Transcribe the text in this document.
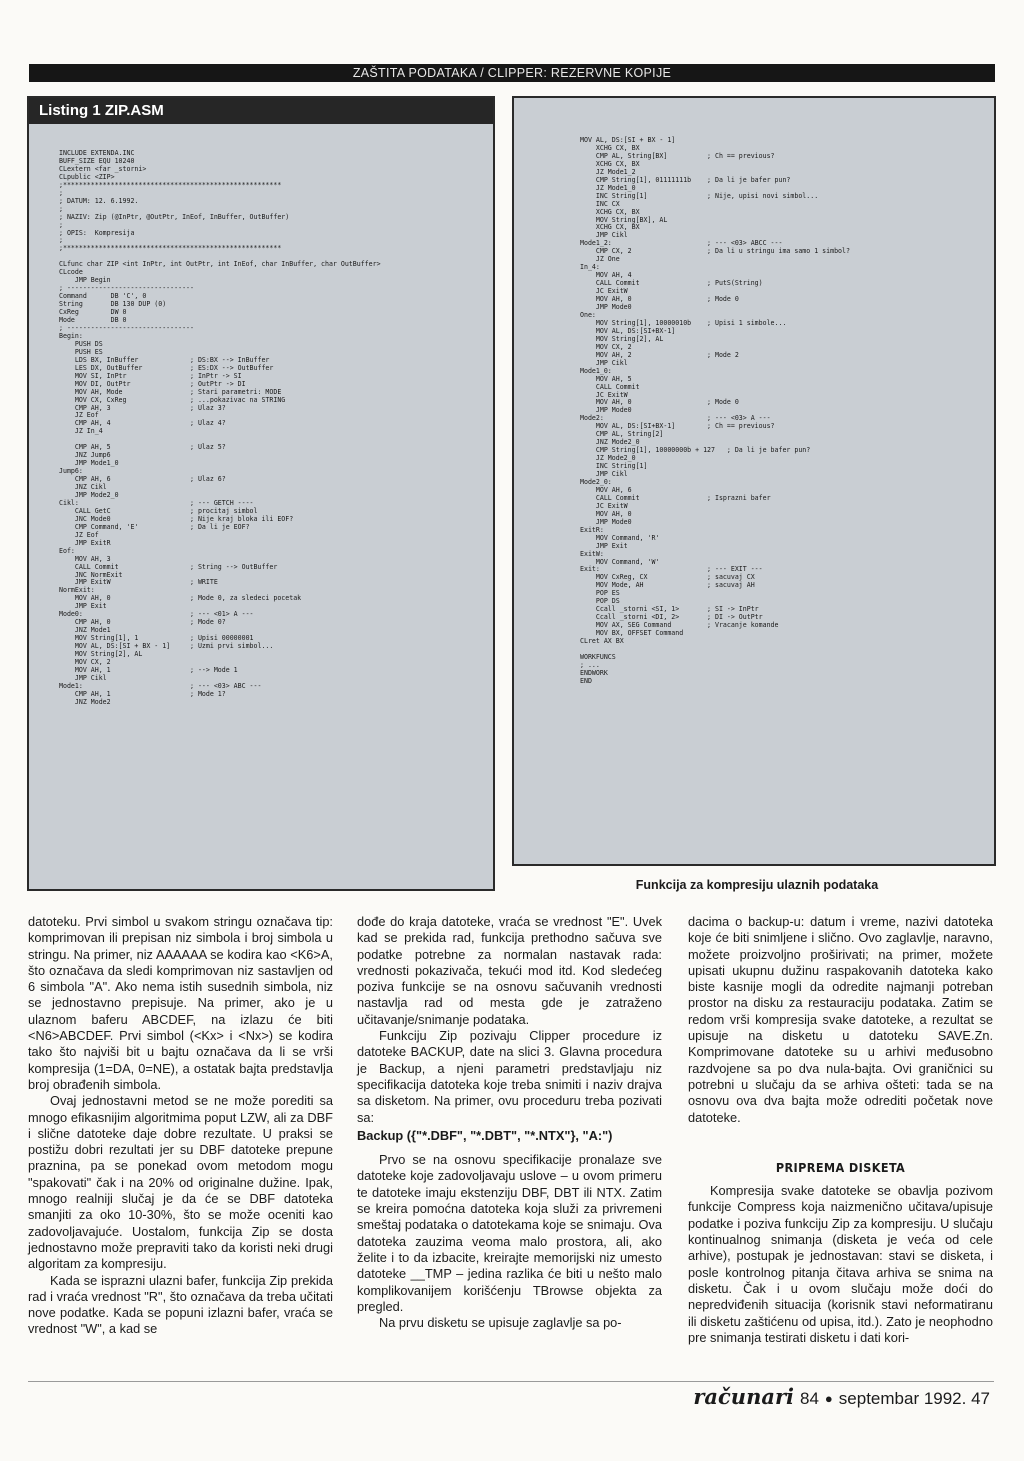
ZAŠTITA PODATAKA / CLIPPER: REZERVNE KOPIJE
Listing 1 ZIP.ASM
INCLUDE EXTENDA.INC
BUFF_SIZE EQU 10240
CLextern <far _storni>
CLpublic <ZIP>
;*******************************************************
;
; DATUM: 12. 6.1992.
;
; NAZIV: Zip (@InPtr, @OutPtr, InEof, InBuffer, OutBuffer)
;
; OPIS:  Kompresija
;
;*******************************************************

CLfunc char ZIP <int InPtr, int OutPtr, int InEof, char InBuffer, char OutBuffer>
CLcode
JMP Begin
; --------------------------------
Command      DB 'C', 0
String       DB 130 DUP (0)
CxReg        DW 0
Mode         DB 0
; --------------------------------
Begin:
PUSH DS
PUSH ES
LDS BX, InBuffer             ; DS:BX --> InBuffer
LES DX, OutBuffer            ; ES:DX --> OutBuffer
MOV SI, InPtr                ; InPtr -> SI
MOV DI, OutPtr               ; OutPtr -> DI
MOV AH, Mode                 ; Stari parametri: MODE
MOV CX, CxReg                ; ...pokazivac na STRING
CMP AH, 3                    ; Ulaz 3?
JZ Eof
CMP AH, 4                    ; Ulaz 4?
JZ In_4

CMP AH, 5                    ; Ulaz 5?
JNZ Jump6
JMP Mode1_0
Jump6:
CMP AH, 6                    ; Ulaz 6?
JNZ Cikl
JMP Mode2_0
Cikl:                            ; --- GETCH ----
CALL GetC                    ; procitaj simbol
JNC Mode0                    ; Nije kraj bloka ili EOF?
CMP Command, 'E'             ; Da li je EOF?
JZ Eof
JMP ExitR
Eof:
MOV AH, 3
CALL Commit                  ; String --> OutBuffer
JNC NormExit
JMP ExitW                    ; WRITE
NormExit:
MOV AH, 0                    ; Mode 0, za sledeci pocetak
JMP Exit
Mode0:                           ; --- <01> A ---
CMP AH, 0                    ; Mode 0?
JNZ Mode1
MOV String[1], 1             ; Upisi 00000001
MOV AL, DS:[SI + BX - 1]     ; Uzmi prvi simbol...
MOV String[2], AL
MOV CX, 2
MOV AH, 1                    ; --> Mode 1
JMP Cikl
Mode1:                           ; --- <03> ABC ---
CMP AH, 1                    ; Mode 1?
JNZ Mode2
MOV AL, DS:[SI + BX - 1]
XCHG CX, BX
CMP AL, String[BX]          ; Ch == previous?
XCHG CX, BX
JZ Mode1_2
CMP String[1], 01111111b    ; Da li je bafer pun?
JZ Mode1_0
INC String[1]               ; Nije, upisi novi simbol...
INC CX
XCHG CX, BX
MOV String[BX], AL
XCHG CX, BX
JMP Cikl
Mode1_2:                        ; --- <03> ABCC ---
CMP CX, 2                   ; Da li u stringu ima samo 1 simbol?
JZ One
In_4:
MOV AH, 4
CALL Commit                 ; PutS(String)
JC ExitW
MOV AH, 0                   ; Mode 0
JMP Mode0
One:
MOV String[1], 10000010b    ; Upisi 1 simbole...
MOV AL, DS:[SI+BX-1]
MOV String[2], AL
MOV CX, 2
MOV AH, 2                   ; Mode 2
JMP Cikl
Mode1_0:
MOV AH, 5
CALL Commit
JC ExitW
MOV AH, 0                   ; Mode 0
JMP Mode0
Mode2:                          ; --- <03> A ---
MOV AL, DS:[SI+BX-1]        ; Ch == previous?
CMP AL, String[2]
JNZ Mode2_0
CMP String[1], 10000000b + 127   ; Da li je bafer pun?
JZ Mode2_0
INC String[1]
JMP Cikl
Mode2_0:
MOV AH, 6
CALL Commit                 ; Isprazni bafer
JC ExitW
MOV AH, 0
JMP Mode0
ExitR:
MOV Command, 'R'
JMP Exit
ExitW:
MOV Command, 'W'
Exit:                           ; --- EXIT ---
MOV CxReg, CX               ; sacuvaj CX
MOV Mode, AH                ; sacuvaj AH
POP ES
POP DS
Ccall _storni <SI, 1>       ; SI -> InPtr
Ccall _storni <DI, 2>       ; DI -> OutPtr
MOV AX, SEG Command         ; Vracanje komande
MOV BX, OFFSET Command
CLret AX BX

WORKFUNCS
; ...
ENDWORK
END
Funkcija za kompresiju ulaznih podataka

datoteku. Prvi simbol u svakom stringu označava tip: komprimovan ili prepisan niz simbola i broj simbola u stringu. Na primer, niz AAAAAA se kodira kao <K6>A, što označava da sledi komprimovan niz sastavljen od 6 simbola "A". Ako nema istih susednih simbola, niz se jednostavno prepisuje. Na primer, ako je u ulaznom baferu ABCDEF, na izlazu će biti <N6>ABCDEF. Prvi simbol (<Kx> i <Nx>) se kodira tako što najviši bit u bajtu označava da li se vrši kompresija (1=DA, 0=NE), a ostatak bajta predstavlja broj obrađenih simbola.

Ovaj jednostavni metod se ne može porediti sa mnogo efikasnijim algoritmima poput LZW, ali za DBF i slične datoteke daje dobre rezultate. U praksi se postižu dobri rezultati jer su DBF datoteke prepune praznina, pa se ponekad ovom metodom mogu "spakovati" čak i na 20% od originalne dužine. Ipak, mnogo realniji slučaj je da će se DBF datoteka smanjiti za oko 10-30%, što se može oceniti kao zadovoljavajuće. Uostalom, funkcija Zip se dosta jednostavno može prepraviti tako da koristi neki drugi algoritam za kompresiju.

Kada se isprazni ulazni bafer, funkcija Zip prekida rad i vraća vrednost "R", što označava da treba učitati nove podatke. Kada se popuni izlazni bafer, vraća se vrednost "W", a kad se

dođe do kraja datoteke, vraća se vrednost "E". Uvek kad se prekida rad, funkcija prethodno sačuva sve podatke potrebne za normalan nastavak rada: vrednosti pokazivača, tekući mod itd. Kod sledećeg poziva funkcije se na osnovu sačuvanih vrednosti nastavlja rad od mesta gde je zatraženo učitavanje/snimanje podataka.

Funkciju Zip pozivaju Clipper procedure iz datoteke BACKUP, date na slici 3. Glavna procedura je Backup, a njeni parametri predstavljaju niz specifikacija datoteka koje treba snimiti i naziv drajva sa disketom. Na primer, ovu proceduru treba pozivati sa:

Backup ({"*.DBF", "*.DBT", "*.NTX"}, "A:")

Prvo se na osnovu specifikacije pronalaze sve datoteke koje zadovoljavaju uslove – u ovom primeru te datoteke imaju ekstenziju DBF, DBT ili NTX. Zatim se kreira pomoćna datoteka koja služi za privremeni smeštaj podataka o datotekama koje se snimaju. Ova datoteka zauzima veoma malo prostora, ali, ako želite i to da izbacite, kreirajte memorijski niz umesto datoteke __TMP – jedina razlika će biti u nešto malo komplikovanijem korišćenju TBrowse objekta za pregled.

Na prvu disketu se upisuje zaglavlje sa po-

dacima o backup-u: datum i vreme, nazivi datoteka koje će biti snimljene i slično. Ovo zaglavlje, naravno, možete proizvoljno proširivati; na primer, možete upisati ukupnu dužinu raspakovanih datoteka kako biste kasnije mogli da odredite najmanji potreban prostor na disku za restauraciju podataka. Zatim se redom vrši kompresija svake datoteke, a rezultat se upisuje na disketu u datoteku SAVE.Zn. Komprimovane datoteke su u arhivi međusobno razdvojene sa po dva nula-bajta. Ovi graničnici su potrebni u slučaju da se arhiva ošteti: tada se na osnovu ova dva bajta može odrediti početak nove datoteke.

PRIPREMA DISKETA

Kompresija svake datoteke se obavlja pozivom funkcije Compress koja naizmenično učitava/upisuje podatke i poziva funkciju Zip za kompresiju. U slučaju kontinualnog snimanja (disketa je veća od cele arhive), postupak je jednostavan: stavi se disketa, i posle kontrolnog pitanja čitava arhiva se snima na disketu. Čak i u ovom slučaju može doći do nepredviđenih situacija (korisnik stavi neformatiranu ili disketu zaštićenu od upisa, itd.). Zato je neophodno pre snimanja testirati disketu i dati kori-

računari 84 ● septembar 1992. 47
